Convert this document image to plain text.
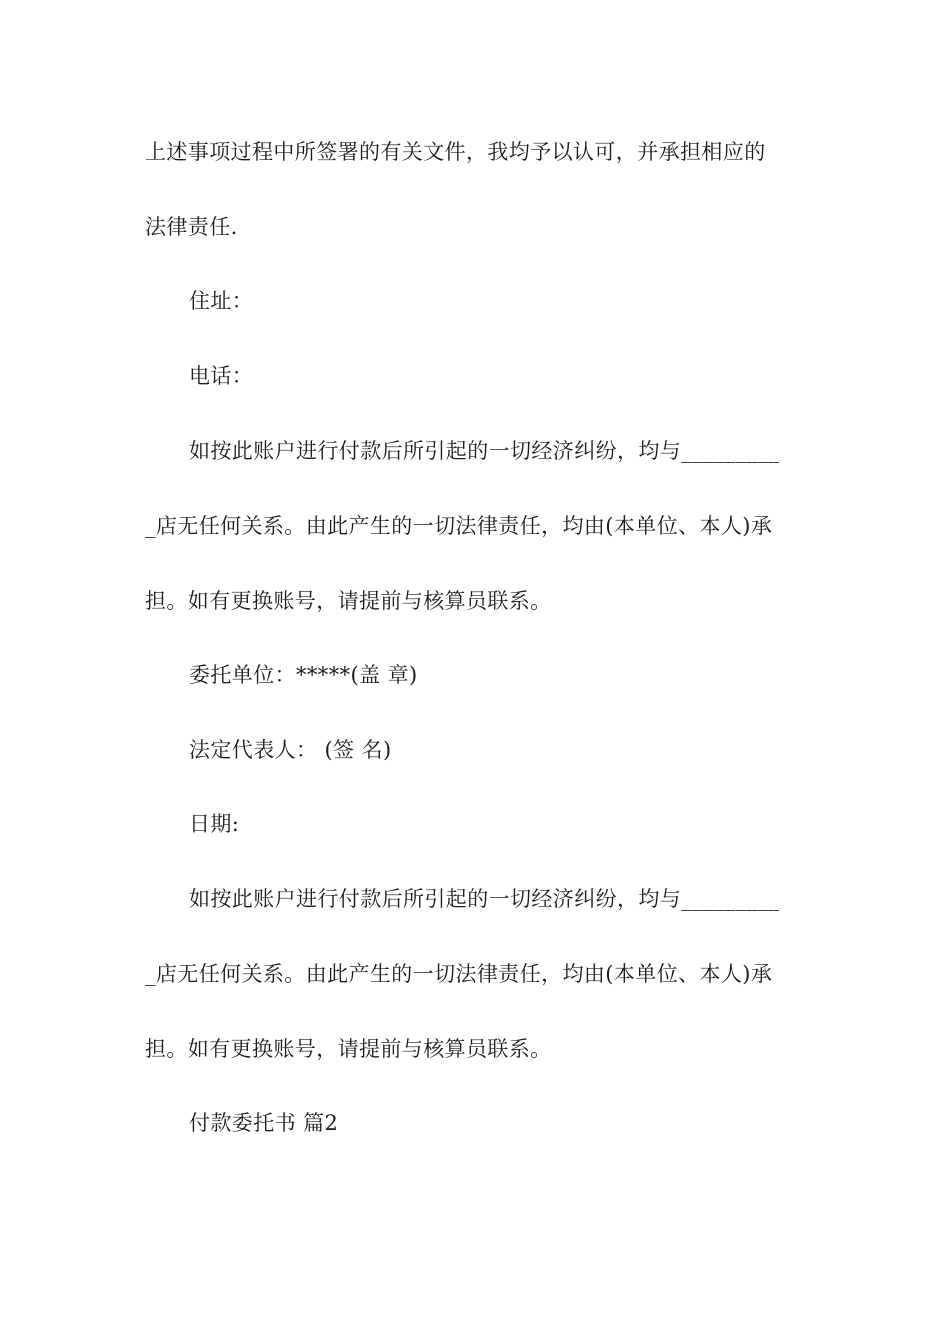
上述事项过程中所签署的有关文件，我均予以认可，并承担相应的
法律责任.
住址：
电话：
如按此账户进行付款后所引起的一切经济纠纷，均与_________
_店无任何关系。由此产生的一切法律责任，均由(本单位、本人)承
担。如有更换账号，请提前与核算员联系。
委托单位：*****(盖 章)
法定代表人： (签 名)
日期:
如按此账户进行付款后所引起的一切经济纠纷，均与_________
_店无任何关系。由此产生的一切法律责任，均由(本单位、本人)承
担。如有更换账号，请提前与核算员联系。
付款委托书 篇2
